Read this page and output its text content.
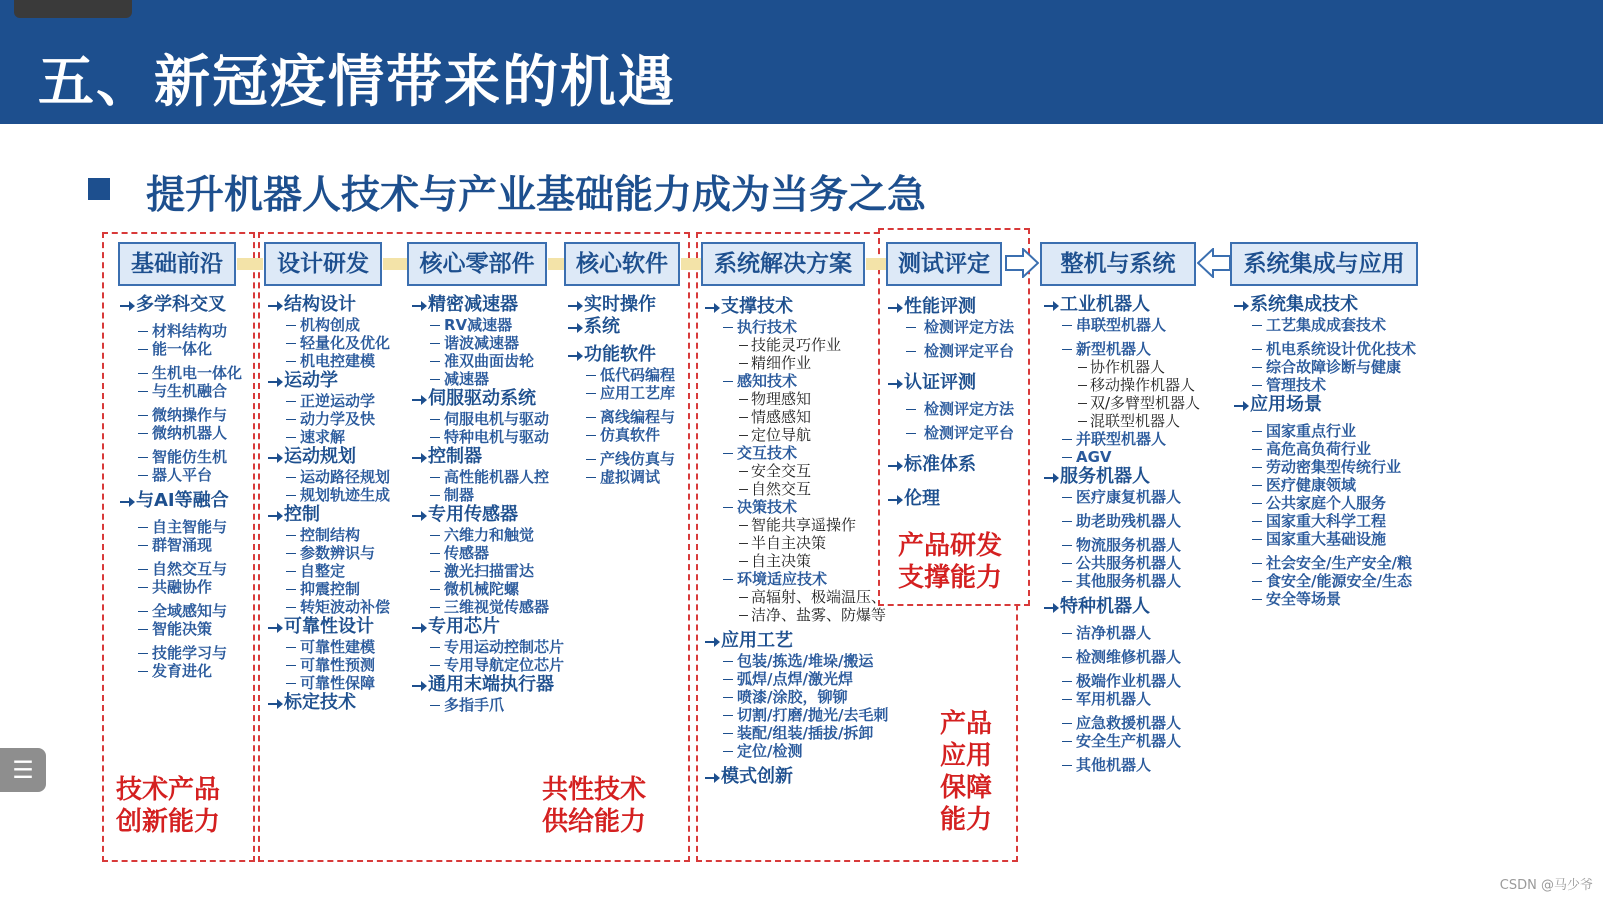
五、新冠疫情带来的机遇
提升机器人技术与产业基础能力成为当务之急
基础前沿	设计研发	核心零部件	核心软件	系统解决方案	测试评定	整机与系统	系统集成与应用
多学科交叉
材料结构功
能一体化
生机电一体化
与生机融合
微纳操作与
微纳机器人
智能仿生机
器人平台
与AI等融合
自主智能与
群智涌现
自然交互与
共融协作
全域感知与
智能决策
技能学习与
发育进化
结构设计
机构创成
轻量化及优化
机电控建模
运动学
正逆运动学
动力学及快
速求解
运动规划
运动路径规划
规划轨迹生成
控制
控制结构
参数辨识与
自整定
抑震控制
转矩波动补偿
可靠性设计
可靠性建模
可靠性预测
可靠性保障
标定技术
精密减速器
RV减速器
谐波减速器
准双曲面齿轮
减速器
伺服驱动系统
伺服电机与驱动
特种电机与驱动
控制器
高性能机器人控
制器
专用传感器
六维力和触觉
传感器
激光扫描雷达
微机械陀螺
三维视觉传感器
专用芯片
专用运动控制芯片
专用导航定位芯片
通用末端执行器
多指手爪
实时操作
系统
功能软件
低代码编程
应用工艺库
离线编程与
仿真软件
产线仿真与
虚拟调试
支撑技术
执行技术
技能灵巧作业
精细作业
感知技术
物理感知
情感感知
定位导航
交互技术
安全交互
自然交互
决策技术
智能共享遥操作
半自主决策
自主决策
环境适应技术
高辐射、极端温压、
洁净、盐雾、防爆等
应用工艺
包装/拣选/堆垛/搬运
弧焊/点焊/激光焊
喷漆/涂胶，铆铆
切割/打磨/抛光/去毛刺
装配/组装/插拔/拆卸
定位/检测
模式创新
性能评测
检测评定方法
检测评定平台
认证评测
检测评定方法
检测评定平台
标准体系
伦理
工业机器人
串联型机器人
新型机器人
协作机器人
移动操作机器人
双/多臂型机器人
混联型机器人
并联型机器人
AGV
服务机器人
医疗康复机器人
助老助残机器人
物流服务机器人
公共服务机器人
其他服务机器人
特种机器人
洁净机器人
检测维修机器人
极端作业机器人
军用机器人
应急救援机器人
安全生产机器人
其他机器人
系统集成技术
工艺集成成套技术
机电系统设计优化技术
综合故障诊断与健康
管理技术
应用场景
国家重点行业
高危高负荷行业
劳动密集型传统行业
医疗健康领域
公共家庭个人服务
国家重大科学工程
国家重大基础设施
社会安全/生产安全/粮
食安全/能源安全/生态
安全等场景
技术产品
创新能力
共性技术
供给能力
产品研发
支撑能力
产品
应用
保障
能力
☰
CSDN @马少爷
